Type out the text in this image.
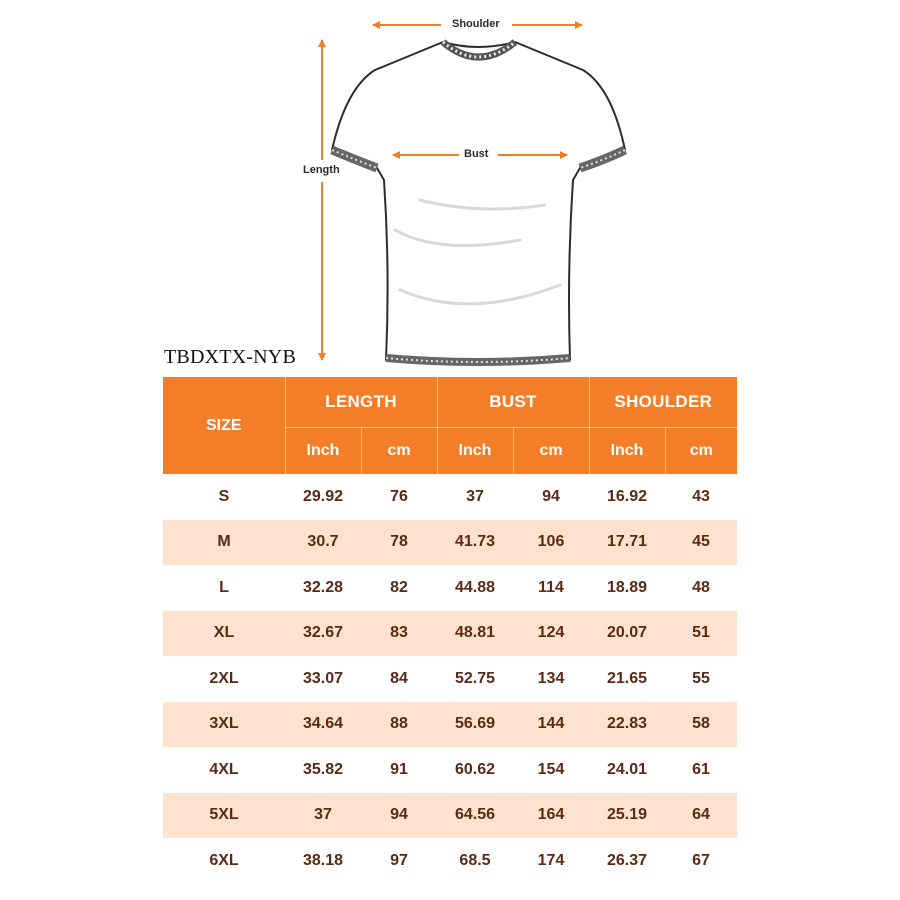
Shoulder
Bust
Length
TBDXTX-NYB
SIZE	LENGTH		BUST		SHOULDER	
	Inch	cm	Inch	cm	Inch	cm
S	29.92	76	37	94	16.92	43
M	30.7	78	41.73	106	17.71	45
L	32.28	82	44.88	114	18.89	48
XL	32.67	83	48.81	124	20.07	51
2XL	33.07	84	52.75	134	21.65	55
3XL	34.64	88	56.69	144	22.83	58
4XL	35.82	91	60.62	154	24.01	61
5XL	37	94	64.56	164	25.19	64
6XL	38.18	97	68.5	174	26.37	67
